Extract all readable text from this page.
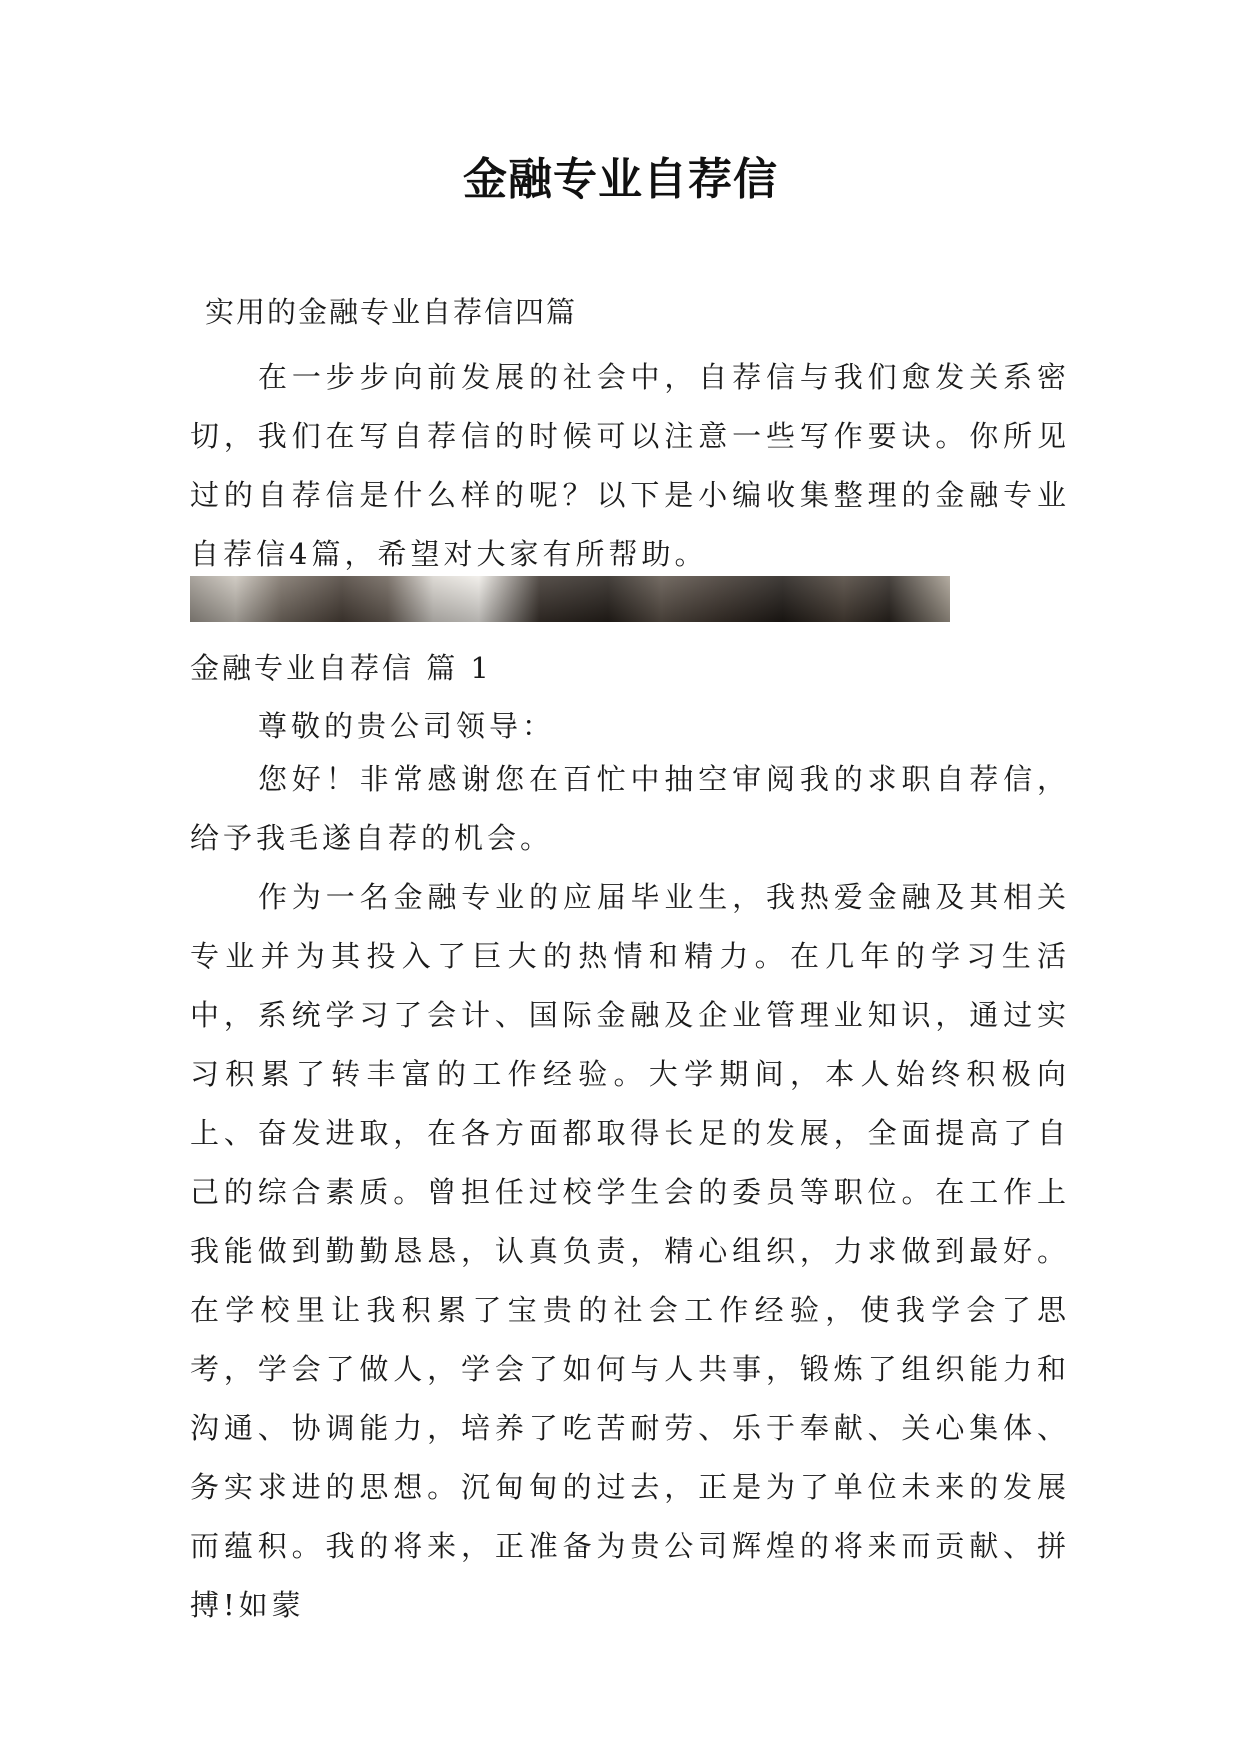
金融专业自荐信
实用的金融专业自荐信四篇

在一步步向前发展的社会中，自荐信与我们愈发关系密切，我们在写自荐信的时候可以注意一些写作要诀。你所见过的自荐信是什么样的呢？以下是小编收集整理的金融专业自荐信4篇，希望对大家有所帮助。

金融专业自荐信 篇 1
尊敬的贵公司领导：

您好！非常感谢您在百忙中抽空审阅我的求职自荐信，给予我毛遂自荐的机会。

作为一名金融专业的应届毕业生，我热爱金融及其相关专业并为其投入了巨大的热情和精力。在几年的学习生活中，系统学习了会计、国际金融及企业管理业知识，通过实习积累了转丰富的工作经验。大学期间，本人始终积极向上、奋发进取，在各方面都取得长足的发展，全面提高了自己的综合素质。曾担任过校学生会的委员等职位。在工作上我能做到勤勤恳恳，认真负责，精心组织，力求做到最好。在学校里让我积累了宝贵的社会工作经验，使我学会了思考，学会了做人，学会了如何与人共事，锻炼了组织能力和沟通、协调能力，培养了吃苦耐劳、乐于奉献、关心集体、务实求进的思想。沉甸甸的过去，正是为了单位未来的发展而蕴积。我的将来，正准备为贵公司辉煌的将来而贡献、拼搏!如蒙
